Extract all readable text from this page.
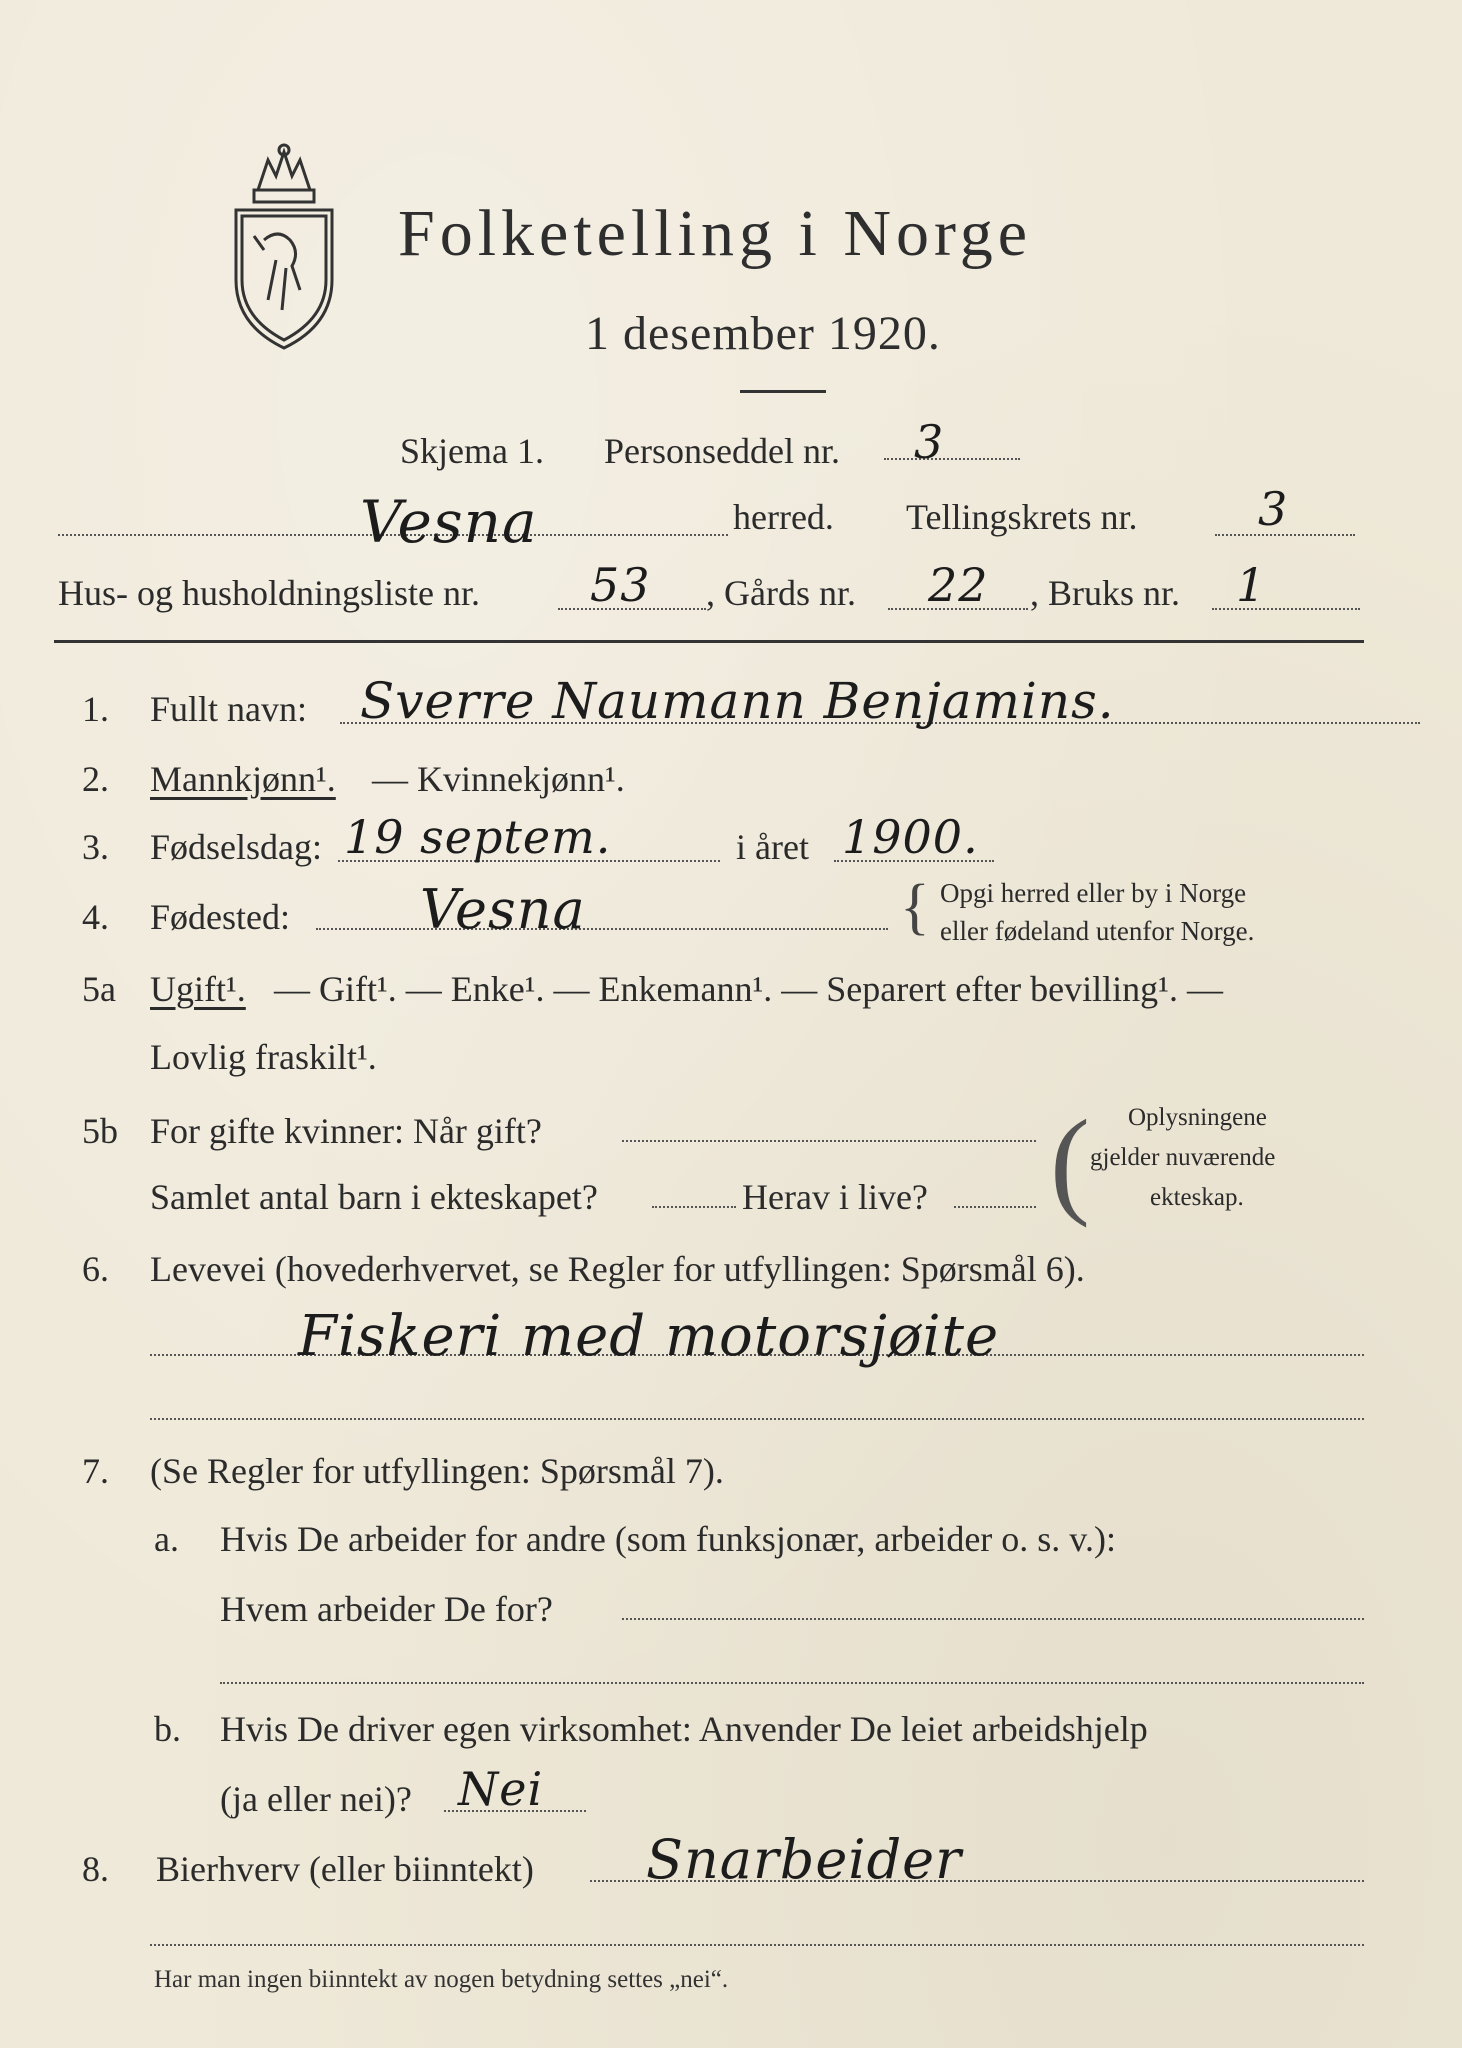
Folketelling i Norge
1 desember 1920.
Skjema 1. Personseddel nr. 3
Vesna	herred. Tellingskrets nr.	3
Hus- og husholdningsliste nr. 53 , Gårds nr. 22 , Bruks nr. 1
1. Fullt navn: Sverre Naumann Benjamins.
2. Mannkjønn¹. — Kvinnekjønn¹.
3. Fødselsdag: 19 septem.	i året 1900.
4. Fødested: Vesna	{ Opgi herred eller by i Norge
eller fødeland utenfor Norge.
5a Ugift¹. — Gift¹. — Enke¹. — Enkemann¹. — Separert efter bevilling¹. —
Lovlig fraskilt¹.
5b For gifte kvinner: Når gift?
Samlet antal barn i ekteskapet?	Herav i live? ( Oplysningene
gjelder nuværende
ekteskap.
6. Levevei (hovederhvervet, se Regler for utfyllingen: Spørsmål 6).
Fiskeri med motorsjøite
7. (Se Regler for utfyllingen: Spørsmål 7).
a. Hvis De arbeider for andre (som funksjonær, arbeider o. s. v.):
Hvem arbeider De for?
b. Hvis De driver egen virksomhet: Anvender De leiet arbeidshjelp
(ja eller nei)? Nei
8. Bierhverv (eller biinntekt) Snarbeider
Har man ingen biinntekt av nogen betydning settes „nei“.
